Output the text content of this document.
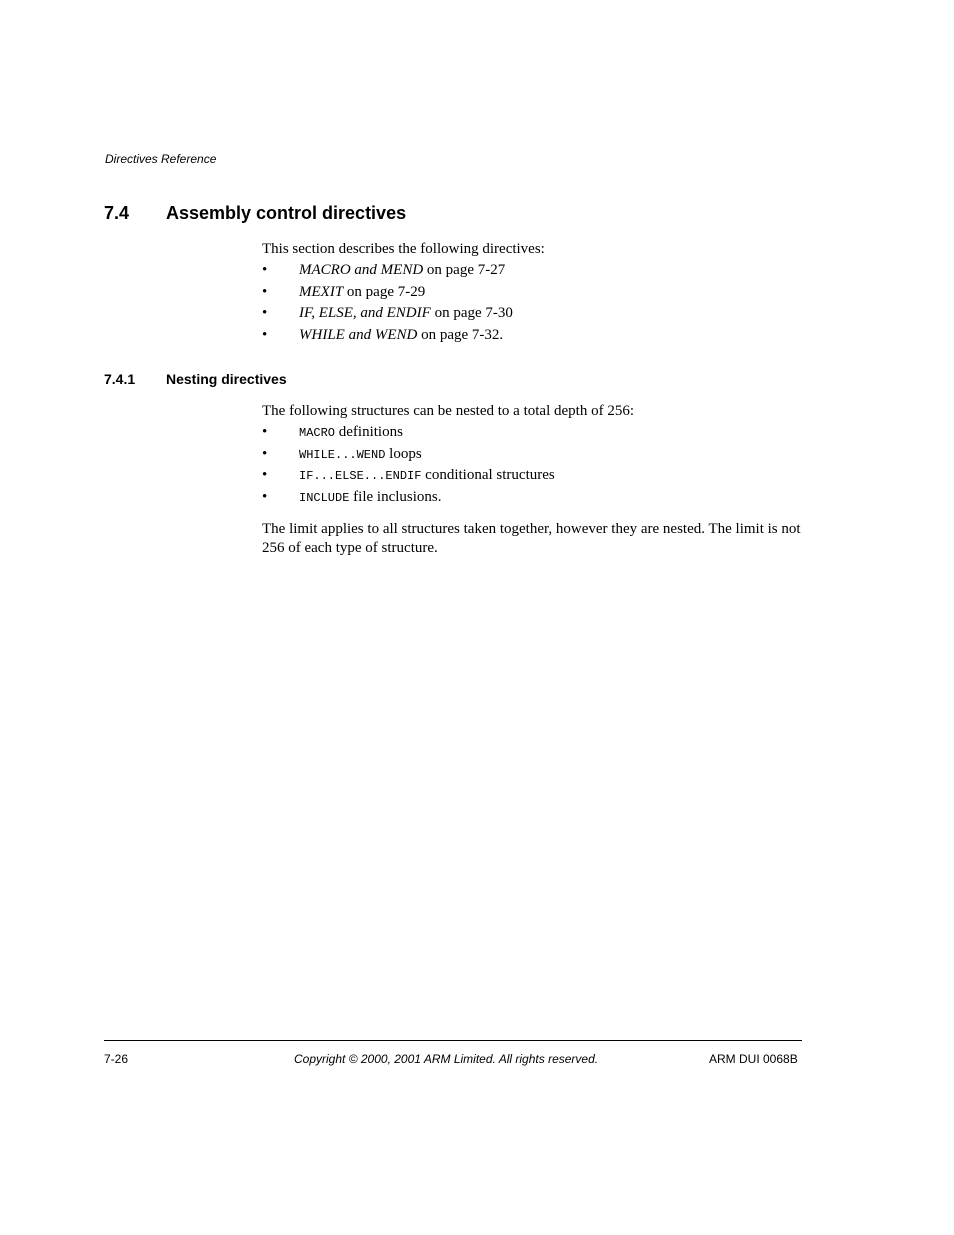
Directives Reference
7.4 Assembly control directives
This section describes the following directives:
• MACRO and MEND on page 7-27
• MEXIT on page 7-29
• IF, ELSE, and ENDIF on page 7-30
• WHILE and WEND on page 7-32.
7.4.1 Nesting directives
The following structures can be nested to a total depth of 256:
•	MACRO definitions
•	WHILE...WEND loops
•	IF...ELSE...ENDIF conditional structures
•	INCLUDE file inclusions.
The limit applies to all structures taken together, however they are nested. The limit is not 256 of each type of structure.
7-26	Copyright © 2000, 2001 ARM Limited. All rights reserved.	ARM DUI 0068B
